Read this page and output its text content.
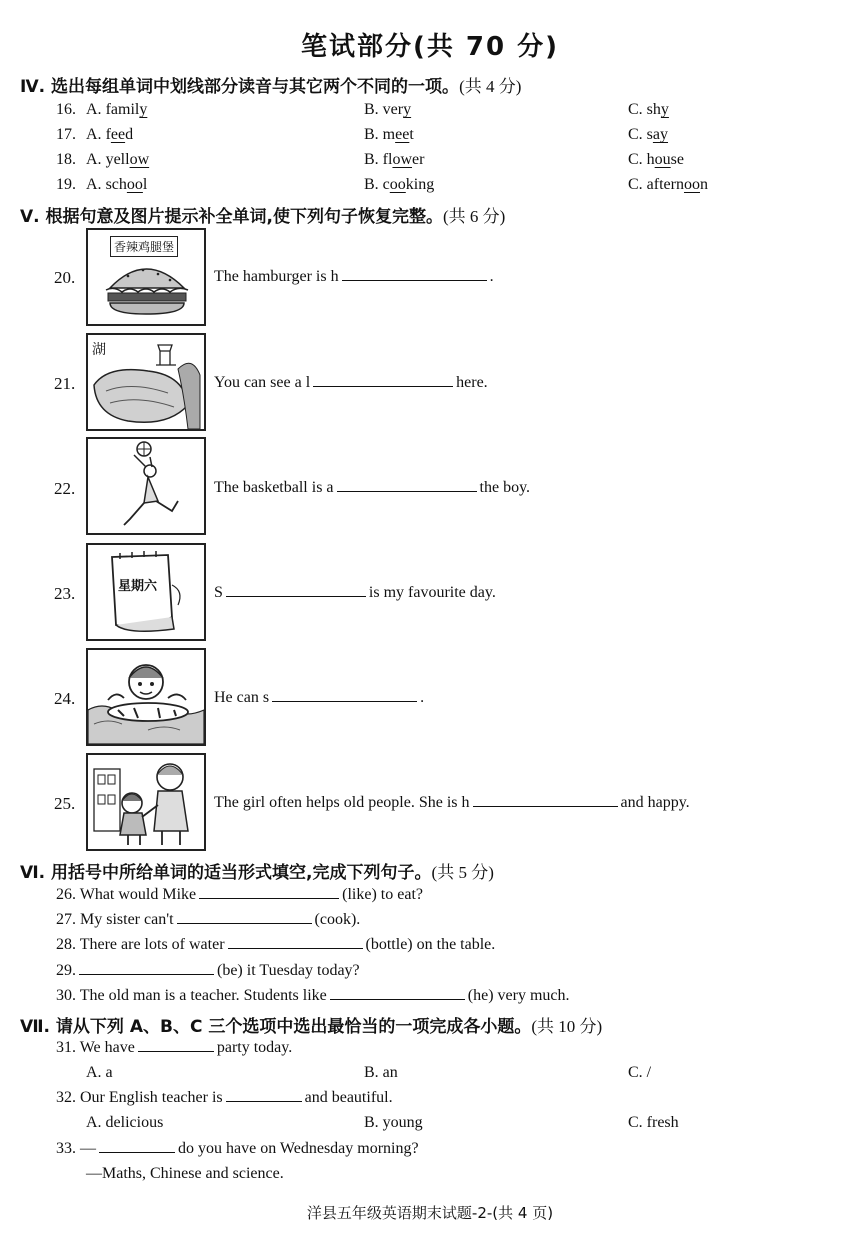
笔试部分(共 70 分)
Ⅳ. 选出每组单词中划线部分读音与其它两个不同的一项。(共 4 分)
16. A. family	B. very	C. shy
17. A. feed	B. meet	C. say
18. A. yellow	B. flower	C. house
19. A. school	B. cooking	C. afternoon
Ⅴ. 根据句意及图片提示补全单词,使下列句子恢复完整。(共 6 分)
20.
香辣鸡腿堡
The hamburger is h	.
21.
湖
You can see a l	here.
22.	The basketball is a	the boy.
23.	星期六	S	is my favourite day.
24.	He can s	.
25.	The girl often helps old people. She is h	and happy.
Ⅵ. 用括号中所给单词的适当形式填空,完成下列句子。(共 5 分)
26. What would Mike	(like) to eat?
27. My sister can't	(cook).
28. There are lots of water	(bottle) on the table.
29.	(be) it Tuesday today?
30. The old man is a teacher. Students like	(he) very much.
Ⅶ. 请从下列 A、B、C 三个选项中选出最恰当的一项完成各小题。(共 10 分)
31. We have	party today.
A. a	B. an	C. /
32. Our English teacher is	and beautiful.
A. delicious	B. young	C. fresh
33. —	do you have on Wednesday morning?
—Maths, Chinese and science.
洋县五年级英语期末试题-2-(共 4 页)
